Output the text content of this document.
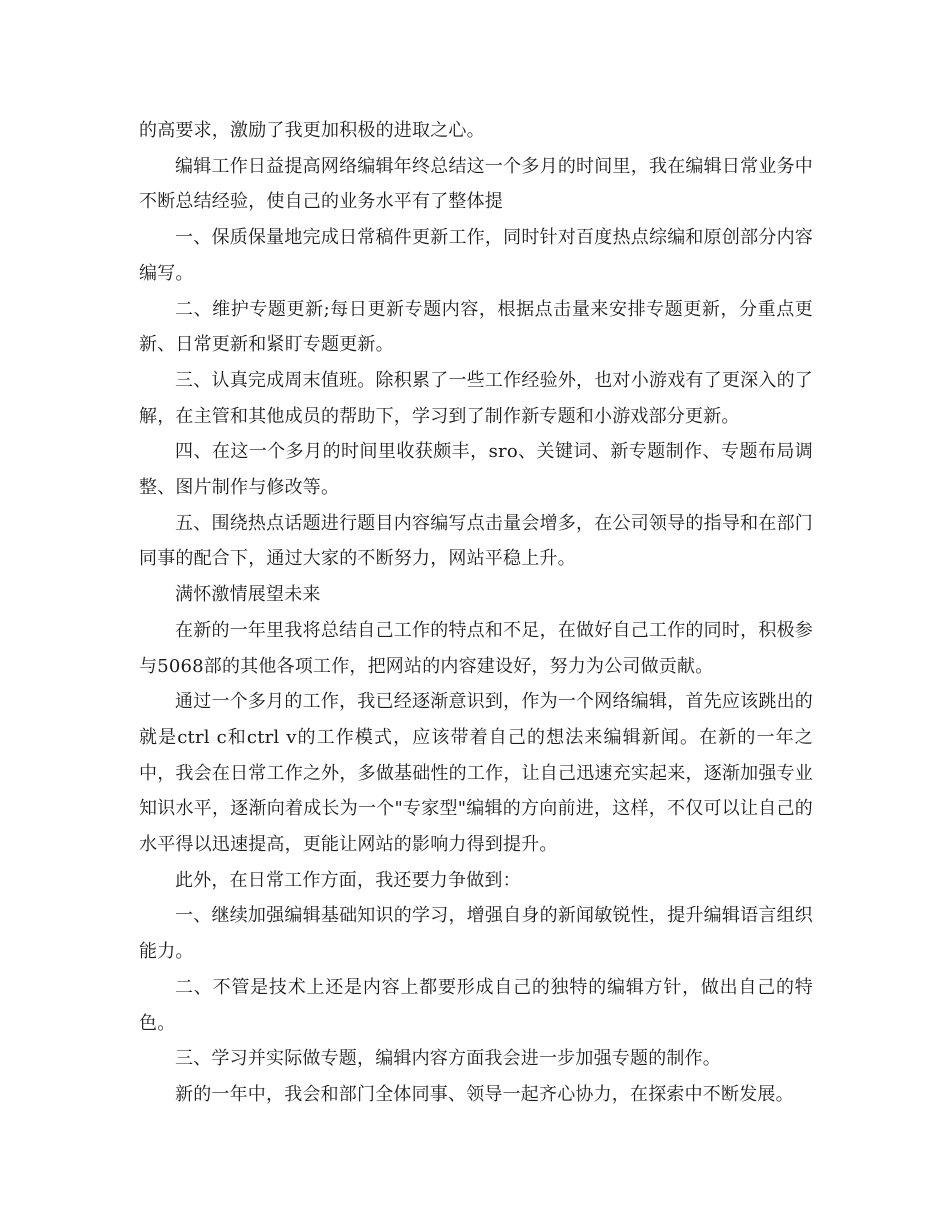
的高要求，激励了我更加积极的进取之心。

编辑工作日益提高网络编辑年终总结这一个多月的时间里，我在编辑日常业务中不断总结经验，使自己的业务水平有了整体提

一、保质保量地完成日常稿件更新工作，同时针对百度热点综编和原创部分内容编写。

二、维护专题更新;每日更新专题内容，根据点击量来安排专题更新，分重点更新、日常更新和紧盯专题更新。

三、认真完成周末值班。除积累了一些工作经验外，也对小游戏有了更深入的了解，在主管和其他成员的帮助下，学习到了制作新专题和小游戏部分更新。

四、在这一个多月的时间里收获颇丰，sro、关键词、新专题制作、专题布局调整、图片制作与修改等。

五、围绕热点话题进行题目内容编写点击量会增多，在公司领导的指导和在部门同事的配合下，通过大家的不断努力，网站平稳上升。

满怀激情展望未来

在新的一年里我将总结自己工作的特点和不足，在做好自己工作的同时，积极参与5068部的其他各项工作，把网站的内容建设好，努力为公司做贡献。

通过一个多月的工作，我已经逐渐意识到，作为一个网络编辑，首先应该跳出的就是ctrl c和ctrl v的工作模式，应该带着自己的想法来编辑新闻。在新的一年之中，我会在日常工作之外，多做基础性的工作，让自己迅速充实起来，逐渐加强专业知识水平，逐渐向着成长为一个"专家型"编辑的方向前进，这样，不仅可以让自己的水平得以迅速提高，更能让网站的影响力得到提升。

此外，在日常工作方面，我还要力争做到：

一、继续加强编辑基础知识的学习，增强自身的新闻敏锐性，提升编辑语言组织能力。

二、不管是技术上还是内容上都要形成自己的独特的编辑方针，做出自己的特色。

三、学习并实际做专题，编辑内容方面我会进一步加强专题的制作。

新的一年中，我会和部门全体同事、领导一起齐心协力，在探索中不断发展。
